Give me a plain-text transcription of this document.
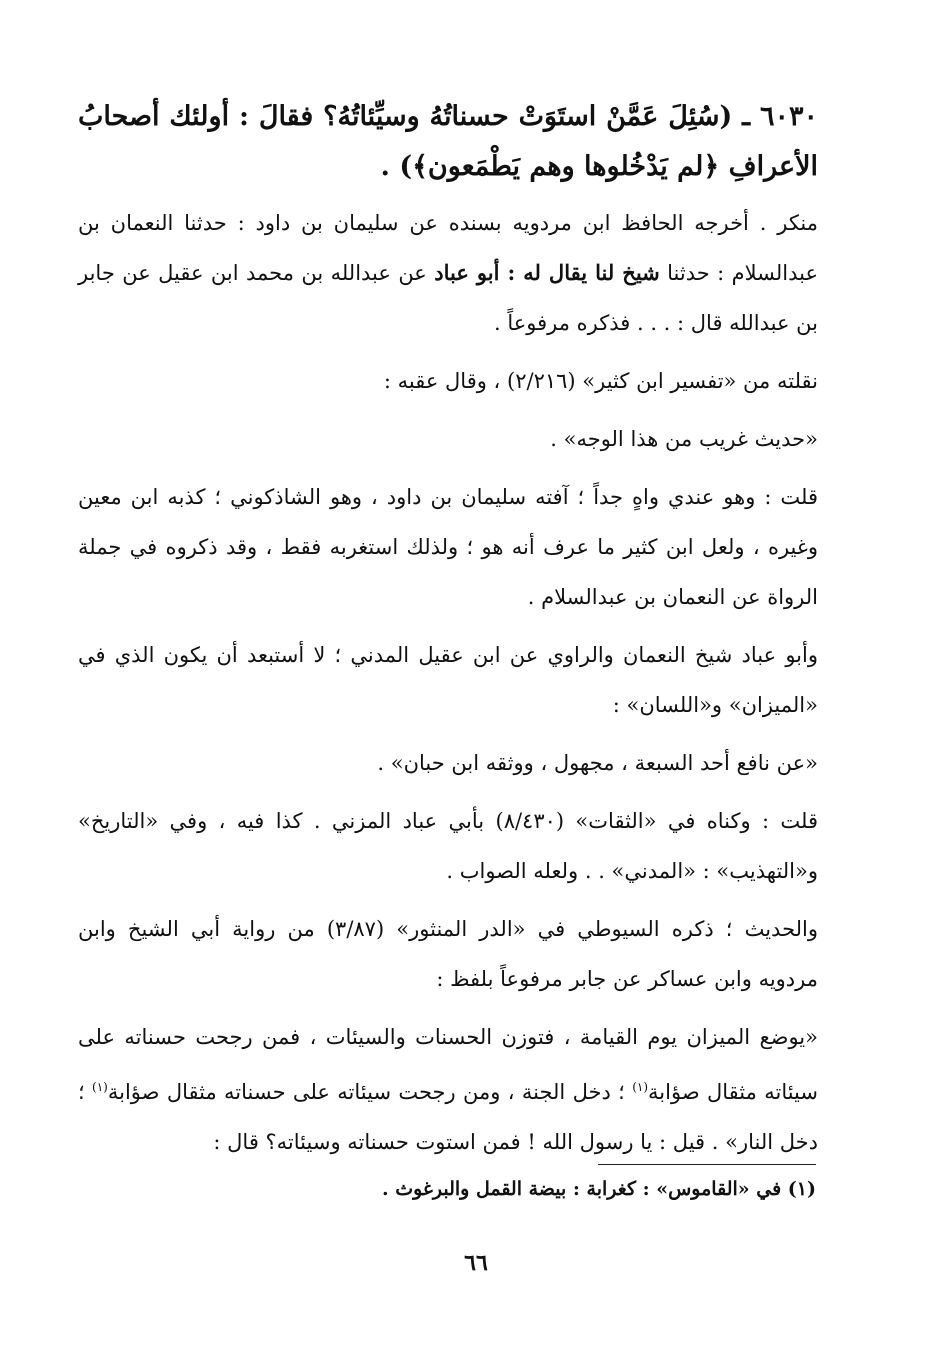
٦٠٣٠ ـ (سُئِلَ عَمَّنْ استَوَتْ حسناتُهُ وسيِّئاتُهُ؟ فقالَ : أولئك أصحابُ الأعرافِ ﴿لم يَدْخُلوها وهم يَطْمَعون﴾) .

منكر . أخرجه الحافظ ابن مردويه بسنده عن سليمان بن داود : حدثنا النعمان بن عبدالسلام : حدثنا شيخ لنا يقال له : أبو عباد عن عبدالله بن محمد ابن عقيل عن جابر بن عبدالله قال : . . . فذكره مرفوعاً .

نقلته من «تفسير ابن كثير» (٢/٢١٦) ، وقال عقبه :

«حديث غريب من هذا الوجه» .

قلت : وهو عندي واهٍ جداً ؛ آفته سليمان بن داود ، وهو الشاذكوني ؛ كذبه ابن معين وغيره ، ولعل ابن كثير ما عرف أنه هو ؛ ولذلك استغربه فقط ، وقد ذكروه في جملة الرواة عن النعمان بن عبدالسلام .

وأبو عباد شيخ النعمان والراوي عن ابن عقيل المدني ؛ لا أستبعد أن يكون الذي في «الميزان» و«اللسان» :

«عن نافع أحد السبعة ، مجهول ، ووثقه ابن حبان» .

قلت : وكناه في «الثقات» (٨/٤٣٠) بأبي عباد المزني . كذا فيه ، وفي «التاريخ» و«التهذيب» : «المدني» . . ولعله الصواب .

والحديث ؛ ذكره السيوطي في «الدر المنثور» (٣/٨٧) من رواية أبي الشيخ وابن مردويه وابن عساكر عن جابر مرفوعاً بلفظ :

«يوضع الميزان يوم القيامة ، فتوزن الحسنات والسيئات ، فمن رجحت حسناته على سيئاته مثقال صؤابة$^{(١)}$ ؛ دخل الجنة ، ومن رجحت سيئاته على حسناته مثقال صؤابة$^{(١)}$ ؛ دخل النار» . قيل : يا رسول الله ! فمن استوت حسناته وسيئاته؟ قال :

(١) في «القاموس» : كغرابة : بيضة القمل والبرغوث .
٦٦
